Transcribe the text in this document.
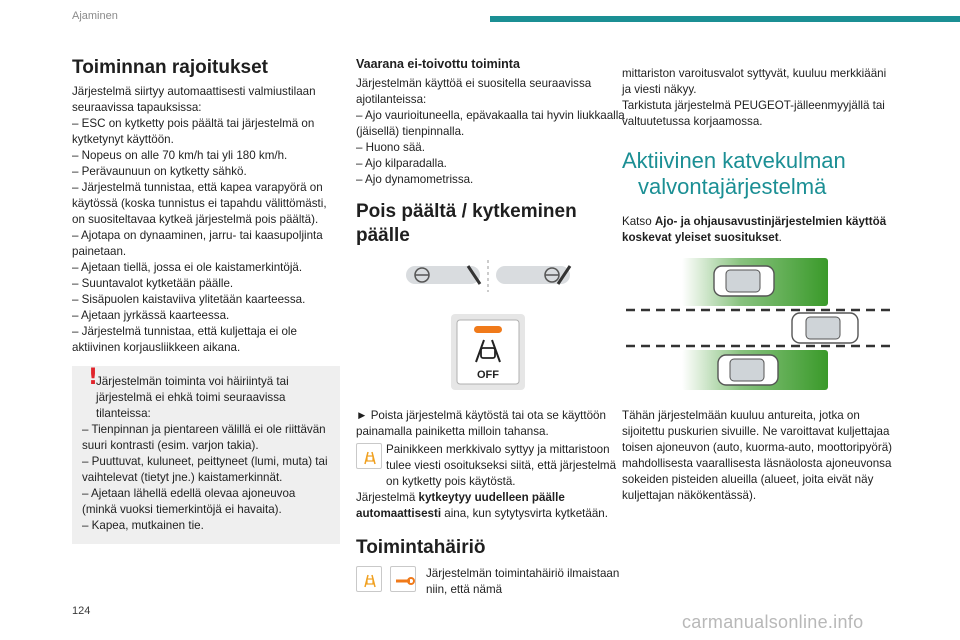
Ajaminen
Toiminnan rajoitukset

Järjestelmä siirtyy automaattisesti valmiustilaan seuraavissa tapauksissa:

– ESC on kytketty pois päältä tai järjestelmä on kytketynyt käyttöön.

– Nopeus on alle 70 km/h tai yli 180 km/h.

– Perävaunuun on kytketty sähkö.

– Järjestelmä tunnistaa, että kapea varapyörä on käytössä (koska tunnistus ei tapahdu välittömästi, on suositeltavaa kytkeä järjestelmä pois päältä).

– Ajotapa on dynaaminen, jarru- tai kaasupoljinta painetaan.

– Ajetaan tiellä, jossa ei ole kaistamerkintöjä.

– Suuntavalot kytketään päälle.

– Sisäpuolen kaistaviiva ylitetään kaarteessa.

– Ajetaan jyrkässä kaarteessa.

– Järjestelmä tunnistaa, että kuljettaja ei ole aktiivinen korjausliikkeen aikana.

!

Järjestelmän toiminta voi häiriintyä tai järjestelmä ei ehkä toimi seuraavissa tilanteissa:

– Tienpinnan ja pientareen välillä ei ole riittävän suuri kontrasti (esim. varjon takia).

– Puuttuvat, kuluneet, peittyneet (lumi, muta) tai vaihtelevat (tietyt jne.) kaistamerkinnät.

– Ajetaan lähellä edellä olevaa ajoneuvoa (minkä vuoksi tiemerkintöjä ei havaita).

– Kapea, mutkainen tie.

Vaarana ei-toivottu toiminta

Järjestelmän käyttöä ei suositella seuraavissa ajotilanteissa:

– Ajo vaurioituneella, epävakaalla tai hyvin liukkaalla (jäisellä) tienpinnalla.

– Huono sää.

– Ajo kilparadalla.

– Ajo dynamometrissa.

Pois päältä / kytkeminen päälle
OFF

► Poista järjestelmä käytöstä tai ota se käyttöön painamalla painiketta milloin tahansa.

Painikkeen merkkivalo syttyy ja mittaristoon tulee viesti osoitukseksi siitä, että järjestelmä on kytketty pois käytöstä.

Järjestelmä kytkeytyy uudelleen päälle automaattisesti aina, kun sytytysvirta kytketään.

Toimintahäiriö

Järjestelmän toimintahäiriö ilmaistaan niin, että nämä

mittariston varoitusvalot syttyvät, kuuluu merkkiääni ja viesti näkyy.

Tarkistuta järjestelmä PEUGEOT-jälleenmyyjällä tai valtuutetussa korjaamossa.

Aktiivinen katvekulman valvontajärjestelmä

Katso Ajo- ja ohjausavustinjärjestelmien käyttöä koskevat yleiset suositukset.

Tähän järjestelmään kuuluu antureita, jotka on sijoitettu puskurien sivuille. Ne varoittavat kuljettajaa toisen ajoneuvon (auto, kuorma-auto, moottoripyörä) mahdollisesta vaarallisesta läsnäolosta ajoneuvonsa sokeiden pisteiden alueilla (alueet, joita eivät näy kuljettajan näkökentässä).

124
carmanualsonline.info
